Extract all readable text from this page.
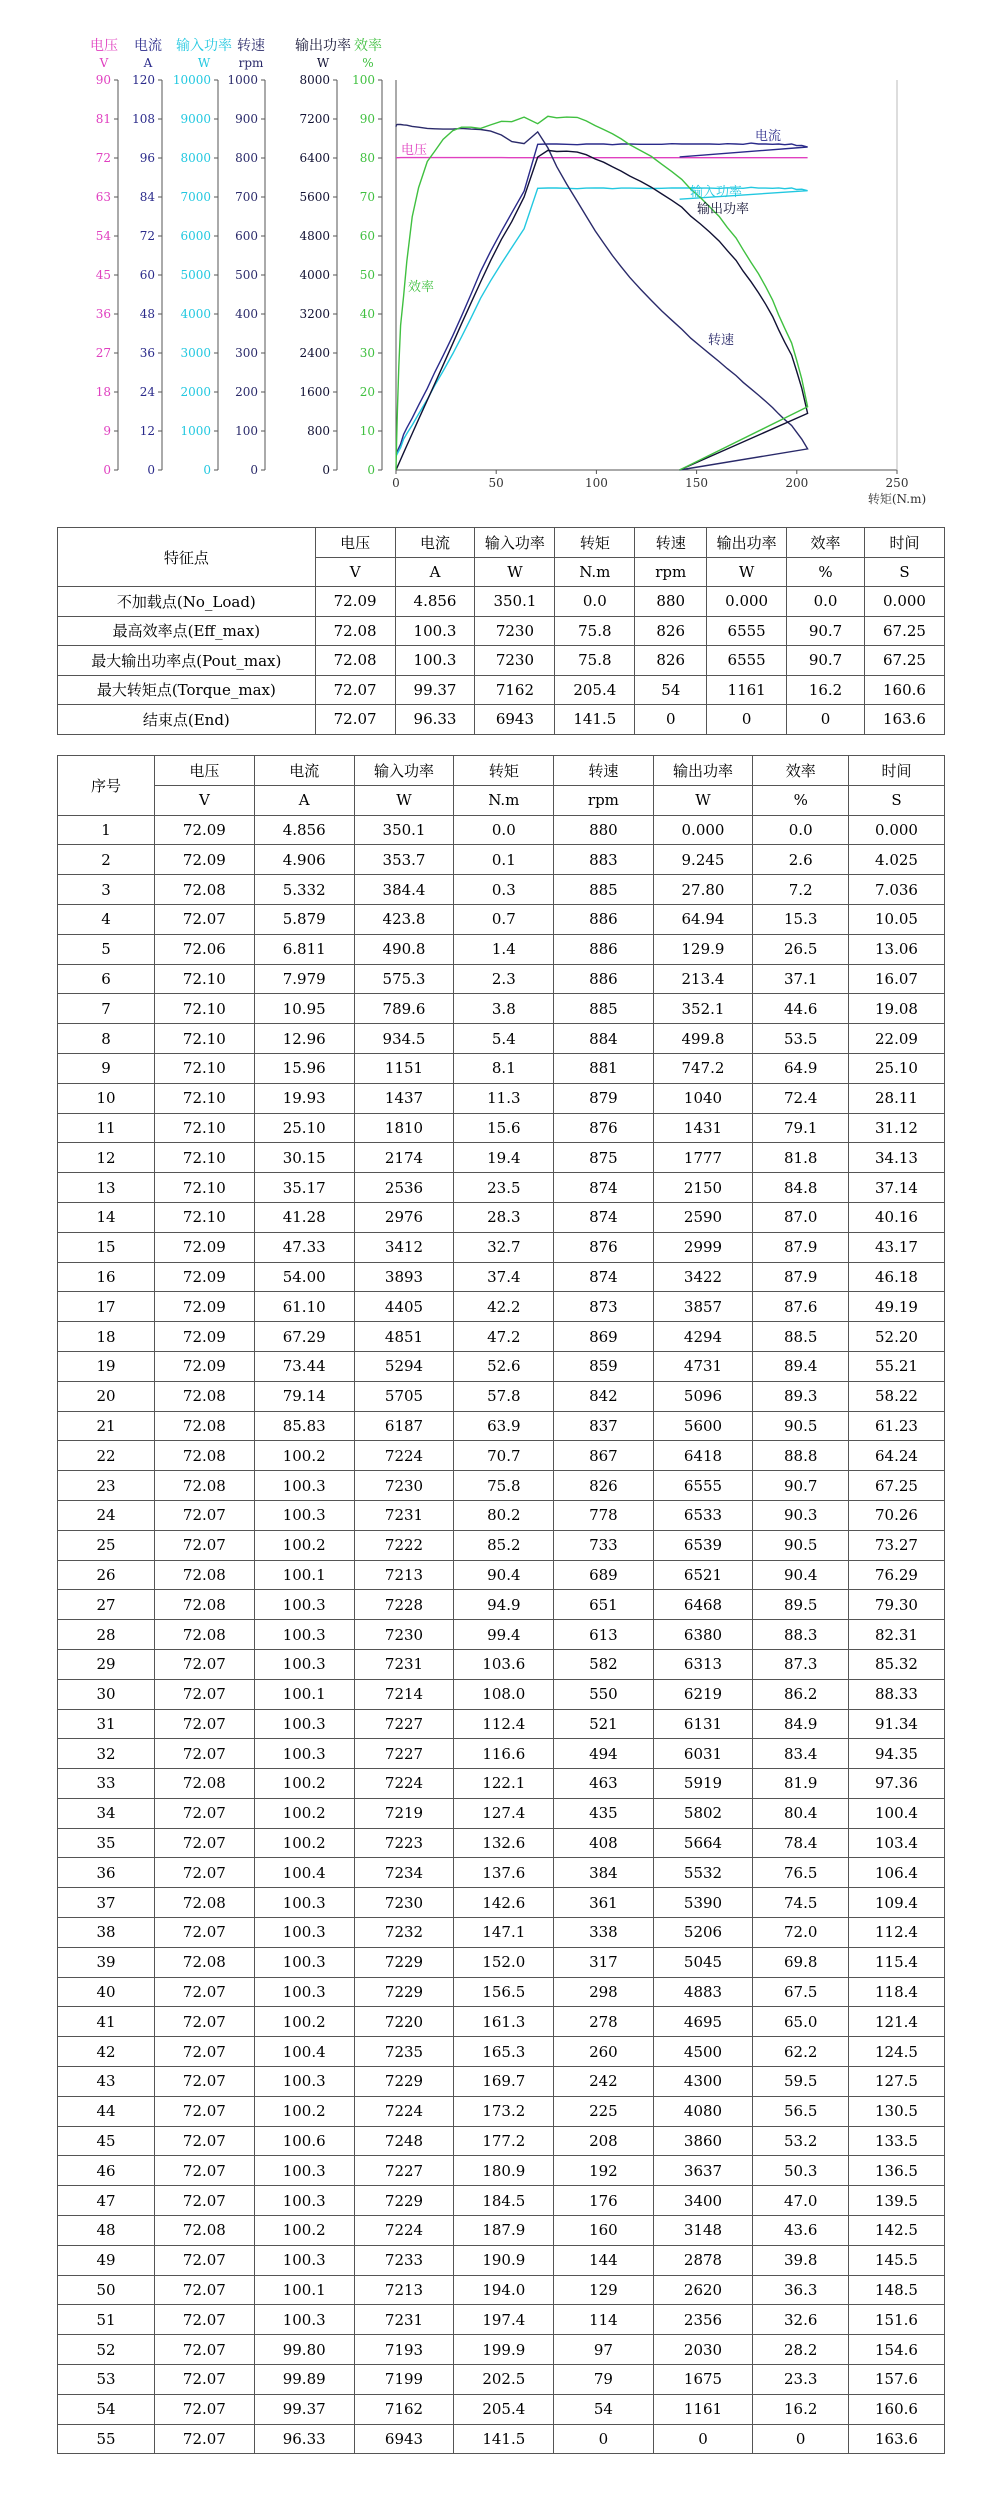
电压
V
0
9
18
27
36
45
54
63
72
81
90
电流
A
0
12
24
36
48
60
72
84
96
108
120
输入功率
W
0
1000
2000
3000
4000
5000
6000
7000
8000
9000
10000
转速
rpm
0
100
200
300
400
500
600
700
800
900
1000
输出功率
W
0
800
1600
2400
3200
4000
4800
5600
6400
7200
8000
效率
%
0
10
20
30
40
50
60
70
80
90
100
0	50	100	150	200	250
转矩(N.m)
电流
电压
输入功率
输出功率
效率
转速
特征点	电压	电流	输入功率	转矩	转速	输出功率	效率	时间
	V	A	W	N.m	rpm	W	%	S
不加载点(No_Load)	72.09	4.856	350.1	0.0	880	0.000	0.0	0.000
最高效率点(Eff_max)	72.08	100.3	7230	75.8	826	6555	90.7	67.25
最大输出功率点(Pout_max)	72.08	100.3	7230	75.8	826	6555	90.7	67.25
最大转矩点(Torque_max)	72.07	99.37	7162	205.4	54	1161	16.2	160.6
结束点(End)	72.07	96.33	6943	141.5	0	0	0	163.6
序号	电压	电流	输入功率	转矩	转速	输出功率	效率	时间
	V	A	W	N.m	rpm	W	%	S
1	72.09	4.856	350.1	0.0	880	0.000	0.0	0.000
2	72.09	4.906	353.7	0.1	883	9.245	2.6	4.025
3	72.08	5.332	384.4	0.3	885	27.80	7.2	7.036
4	72.07	5.879	423.8	0.7	886	64.94	15.3	10.05
5	72.06	6.811	490.8	1.4	886	129.9	26.5	13.06
6	72.10	7.979	575.3	2.3	886	213.4	37.1	16.07
7	72.10	10.95	789.6	3.8	885	352.1	44.6	19.08
8	72.10	12.96	934.5	5.4	884	499.8	53.5	22.09
9	72.10	15.96	1151	8.1	881	747.2	64.9	25.10
10	72.10	19.93	1437	11.3	879	1040	72.4	28.11
11	72.10	25.10	1810	15.6	876	1431	79.1	31.12
12	72.10	30.15	2174	19.4	875	1777	81.8	34.13
13	72.10	35.17	2536	23.5	874	2150	84.8	37.14
14	72.10	41.28	2976	28.3	874	2590	87.0	40.16
15	72.09	47.33	3412	32.7	876	2999	87.9	43.17
16	72.09	54.00	3893	37.4	874	3422	87.9	46.18
17	72.09	61.10	4405	42.2	873	3857	87.6	49.19
18	72.09	67.29	4851	47.2	869	4294	88.5	52.20
19	72.09	73.44	5294	52.6	859	4731	89.4	55.21
20	72.08	79.14	5705	57.8	842	5096	89.3	58.22
21	72.08	85.83	6187	63.9	837	5600	90.5	61.23
22	72.08	100.2	7224	70.7	867	6418	88.8	64.24
23	72.08	100.3	7230	75.8	826	6555	90.7	67.25
24	72.07	100.3	7231	80.2	778	6533	90.3	70.26
25	72.07	100.2	7222	85.2	733	6539	90.5	73.27
26	72.08	100.1	7213	90.4	689	6521	90.4	76.29
27	72.08	100.3	7228	94.9	651	6468	89.5	79.30
28	72.08	100.3	7230	99.4	613	6380	88.3	82.31
29	72.07	100.3	7231	103.6	582	6313	87.3	85.32
30	72.07	100.1	7214	108.0	550	6219	86.2	88.33
31	72.07	100.3	7227	112.4	521	6131	84.9	91.34
32	72.07	100.3	7227	116.6	494	6031	83.4	94.35
33	72.08	100.2	7224	122.1	463	5919	81.9	97.36
34	72.07	100.2	7219	127.4	435	5802	80.4	100.4
35	72.07	100.2	7223	132.6	408	5664	78.4	103.4
36	72.07	100.4	7234	137.6	384	5532	76.5	106.4
37	72.08	100.3	7230	142.6	361	5390	74.5	109.4
38	72.07	100.3	7232	147.1	338	5206	72.0	112.4
39	72.08	100.3	7229	152.0	317	5045	69.8	115.4
40	72.07	100.3	7229	156.5	298	4883	67.5	118.4
41	72.07	100.2	7220	161.3	278	4695	65.0	121.4
42	72.07	100.4	7235	165.3	260	4500	62.2	124.5
43	72.07	100.3	7229	169.7	242	4300	59.5	127.5
44	72.07	100.2	7224	173.2	225	4080	56.5	130.5
45	72.07	100.6	7248	177.2	208	3860	53.2	133.5
46	72.07	100.3	7227	180.9	192	3637	50.3	136.5
47	72.07	100.3	7229	184.5	176	3400	47.0	139.5
48	72.08	100.2	7224	187.9	160	3148	43.6	142.5
49	72.07	100.3	7233	190.9	144	2878	39.8	145.5
50	72.07	100.1	7213	194.0	129	2620	36.3	148.5
51	72.07	100.3	7231	197.4	114	2356	32.6	151.6
52	72.07	99.80	7193	199.9	97	2030	28.2	154.6
53	72.07	99.89	7199	202.5	79	1675	23.3	157.6
54	72.07	99.37	7162	205.4	54	1161	16.2	160.6
55	72.07	96.33	6943	141.5	0	0	0	163.6
